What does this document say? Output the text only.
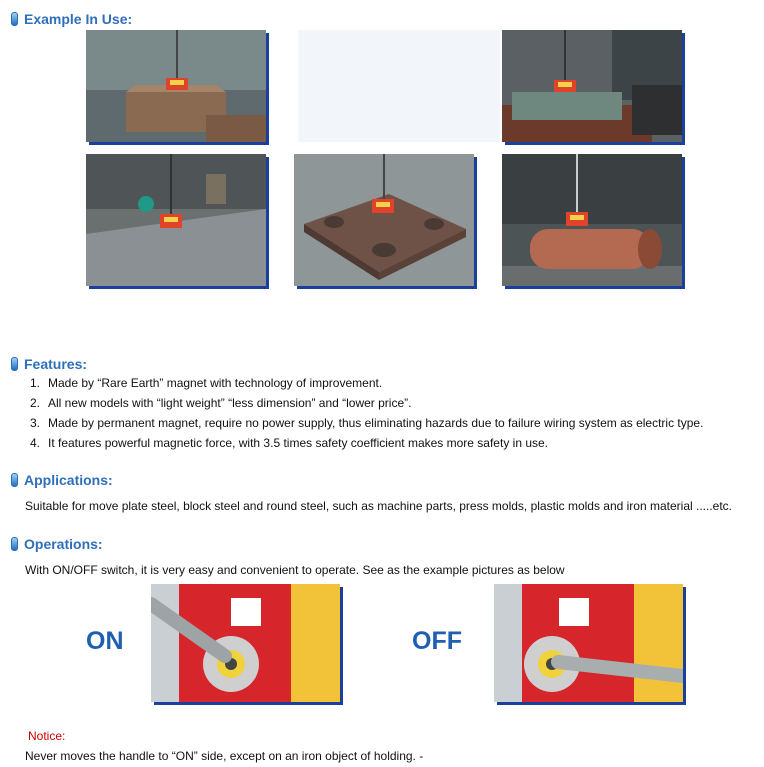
Example In Use:
Features:
1. Made by “Rare Earth” magnet with technology of improvement.
2. All new models with “light weight” “less dimension” and “lower price”.
3. Made by permanent magnet, require no power supply, thus eliminating hazards due to failure wiring system as electric type.
4. It features powerful magnetic force, with 3.5 times safety coefficient makes more safety in use.
Applications:
Suitable for move plate steel, block steel and round steel, such as machine parts, press molds, plastic molds and iron material .....etc.
Operations:
With ON/OFF switch, it is very easy and convenient to operate. See as the example pictures as below
ON	OFF
Notice:
Never moves the handle to “ON” side, except on an iron object of holding. -
